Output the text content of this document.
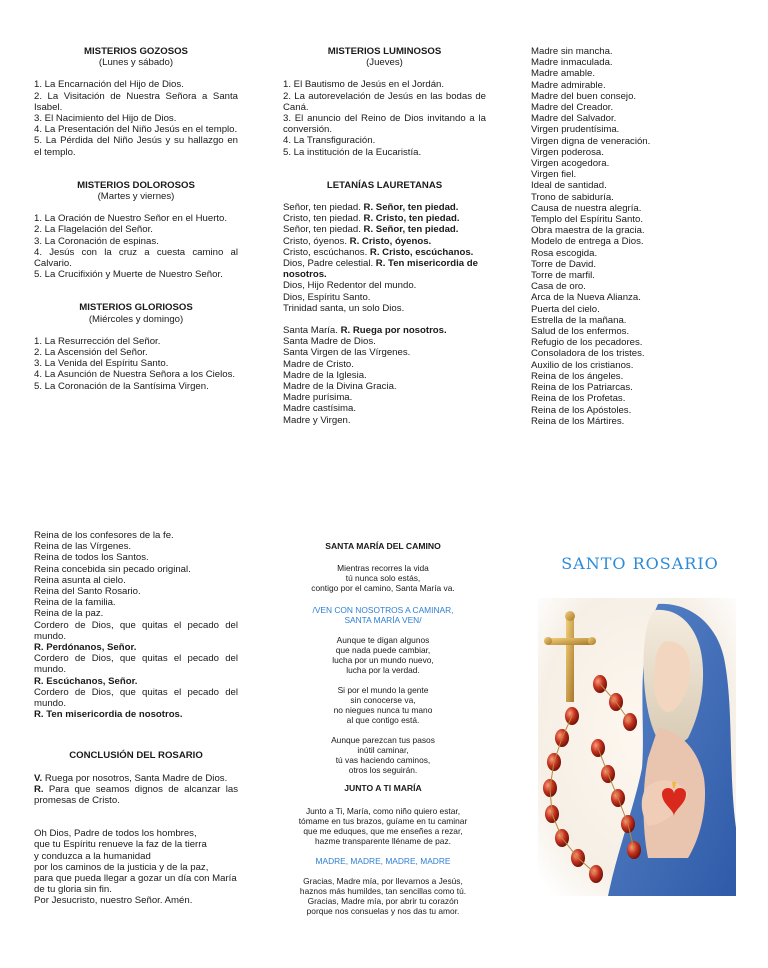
MISTERIOS GOZOSOS
(Lunes y sábado)
1. La Encarnación del Hijo de Dios.
2. La Visitación de Nuestra Señora a Santa Isabel.
3. El Nacimiento del Hijo de Dios.
4. La Presentación del Niño Jesús en el templo.
5. La Pérdida del Niño Jesús y su hallazgo en el templo.
MISTERIOS DOLOROSOS
(Martes y viernes)
1. La Oración de Nuestro Señor en el Huerto.
2. La Flagelación del Señor.
3. La Coronación de espinas.
4. Jesús con la cruz a cuesta camino al Calvario.
5. La Crucifixión y Muerte de Nuestro Señor.
MISTERIOS GLORIOSOS
(Miércoles y domingo)
1. La Resurrección del Señor.
2. La Ascensión del Señor.
3. La Venida del Espíritu Santo.
4. La Asunción de Nuestra Señora a los Cielos.
5. La Coronación de la Santísima Virgen.
MISTERIOS LUMINOSOS
(Jueves)
1. El Bautismo de Jesús en el Jordán.
2. La autorevelación de Jesús en las bodas de Caná.
3. El anuncio del Reino de Dios invitando a la conversión.
4. La Transfiguración.
5. La institución de la Eucaristía.
LETANÍAS LAURETANAS
Señor, ten piedad. R. Señor, ten piedad.
Cristo, ten piedad. R. Cristo, ten piedad.
Señor, ten piedad. R. Señor, ten piedad.
Cristo, óyenos. R. Cristo, óyenos.
Cristo, escúchanos. R. Cristo, escúchanos.
Dios, Padre celestial. R. Ten misericordia de nosotros.
Dios, Hijo Redentor del mundo.
Dios, Espíritu Santo.
Trinidad santa, un solo Dios.
Santa María. R. Ruega por nosotros.
Santa Madre de Dios.
Santa Virgen de las Vírgenes.
Madre de Cristo.
Madre de la Iglesia.
Madre de la Divina Gracia.
Madre purísima.
Madre castísima.
Madre y Virgen.
Madre sin mancha.
Madre inmaculada.
Madre amable.
Madre admirable.
Madre del buen consejo.
Madre del Creador.
Madre del Salvador.
Virgen prudentísima.
Virgen digna de veneración.
Virgen poderosa.
Virgen acogedora.
Virgen fiel.
Ideal de santidad.
Trono de sabiduría.
Causa de nuestra alegría.
Templo del Espíritu Santo.
Obra maestra de la gracia.
Modelo de entrega a Dios.
Rosa escogida.
Torre de David.
Torre de marfil.
Casa de oro.
Arca de la Nueva Alianza.
Puerta del cielo.
Estrella de la mañana.
Salud de los enfermos.
Refugio de los pecadores.
Consoladora de los tristes.
Auxilio de los cristianos.
Reina de los ángeles.
Reina de los Patriarcas.
Reina de los Profetas.
Reina de los Apóstoles.
Reina de los Mártires.
Reina de los confesores de la fe.
Reina de las Vírgenes.
Reina de todos los Santos.
Reina concebida sin pecado original.
Reina asunta al cielo.
Reina del Santo Rosario.
Reina de la familia.
Reina de la paz.
Cordero de Dios, que quitas el pecado del mundo.
R. Perdónanos, Señor.
Cordero de Dios, que quitas el pecado del mundo.
R. Escúchanos, Señor.
Cordero de Dios, que quitas el pecado del mundo.
R. Ten misericordia de nosotros.
CONCLUSIÓN DEL ROSARIO
V. Ruega por nosotros, Santa Madre de Dios.
R. Para que seamos dignos de alcanzar las promesas de Cristo.
Oh Dios, Padre de todos los hombres,
que tu Espíritu renueve la faz de la tierra
y conduzca a la humanidad
por los caminos de la justicia y de la paz,
para que pueda llegar a gozar un día con María de tu gloria sin fin.
Por Jesucristo, nuestro Señor. Amén.
SANTA MARÍA DEL CAMINO
Mientras recorres la vida
tú nunca solo estás,
contigo por el camino, Santa María va.
/VEN CON NOSOTROS A CAMINAR,
SANTA MARÍA VEN/
Aunque te digan algunos
que nada puede cambiar,
lucha por un mundo nuevo,
lucha por la verdad.
Si por el mundo la gente
sin conocerse va,
no niegues nunca tu mano
al que contigo está.
Aunque parezcan tus pasos
inútil caminar,
tú vas haciendo caminos,
otros los seguirán.
JUNTO A TI MARÍA
Junto a Ti, María, como niño quiero estar,
tómame en tus brazos, guíame en tu caminar
que me eduques, que me enseñes a rezar,
hazme transparente lléname de paz.
MADRE, MADRE, MADRE, MADRE
Gracias, Madre mía, por llevarnos a Jesús,
haznos más humildes, tan sencillas como tú.
Gracias, Madre mía, por abrir tu corazón
porque nos consuelas y nos das tu amor.
SANTO ROSARIO
